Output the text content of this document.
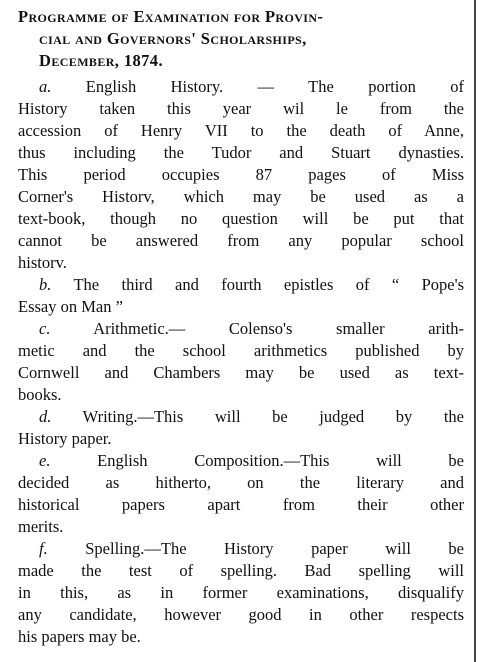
Programme of Examination for Provin-
cial and Governors' Scholarships,
December, 1874.
a. English History. — The portion of
History taken this year wil le from the
accession of Henry VII to the death of Anne,
thus including the Tudor and Stuart dynasties.
This period occupies 87 pages of Miss
Corner's Historv, which may be used as a
text-book, though no question will be put that
cannot be answered from any popular school
historv.
b. The third and fourth epistles of “ Pope's
Essay on Man ”
c.	Arithmetic.— Colenso's smaller arith-
metic and the school arithmetics published by
Cornwell and Chambers may be used as text-
books.
d. Writing.—This will be judged by the
History paper.
e.	English Composition.—This will be
decided as hitherto, on the literary and
historical papers apart from their other
merits.
f. Spelling.—The History paper will be
made the test of spelling. Bad spelling will
in this, as in former examinations, disqualify
any candidate, however good in other respects
his papers may be.
